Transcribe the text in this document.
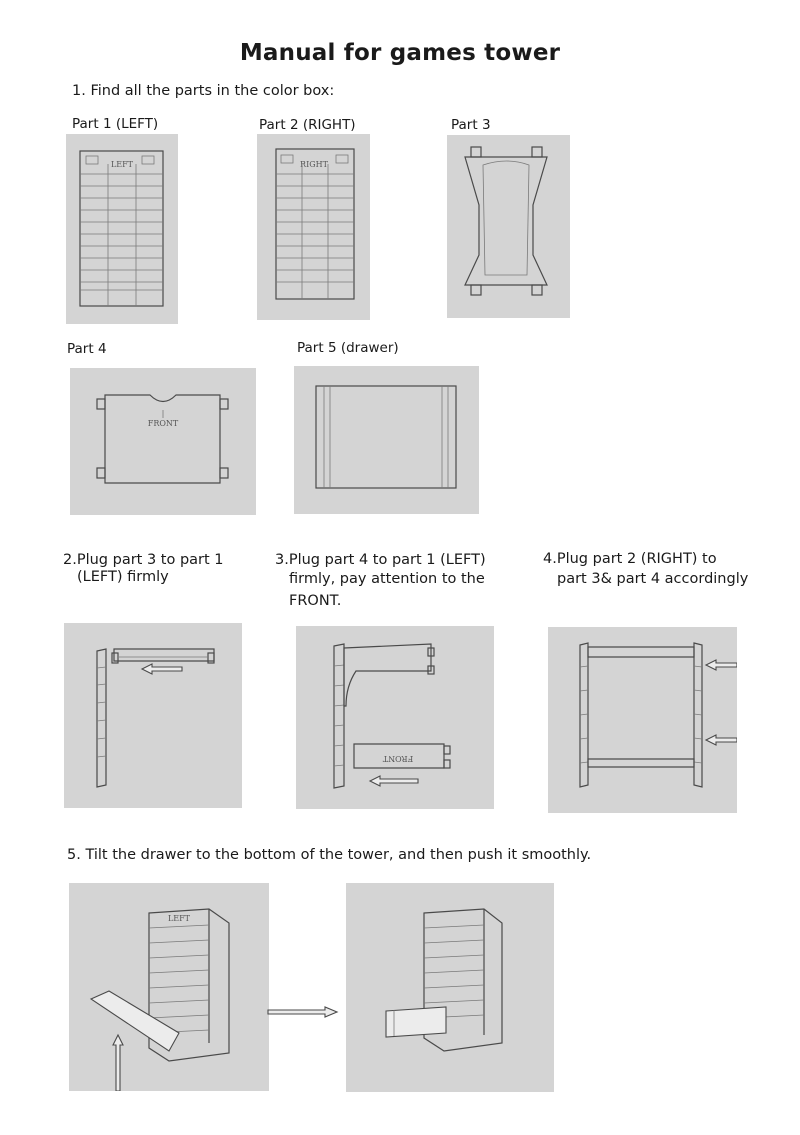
Manual for games tower
1. Find all the parts in the color box:
Part 1 (LEFT)	Part 2 (RIGHT)	Part 3
Part 4	Part 5 (drawer)
LEFT	RIGHT
FRONT
2.Plug part 3 to part 1
(LEFT) firmly
3.Plug part 4 to part 1 (LEFT)
firmly, pay attention to the
FRONT.
4.Plug part 2 (RIGHT) to
part 3& part 4 accordingly
FRONT
5. Tilt the drawer to the bottom of the tower, and then push it smoothly.
LEFT
